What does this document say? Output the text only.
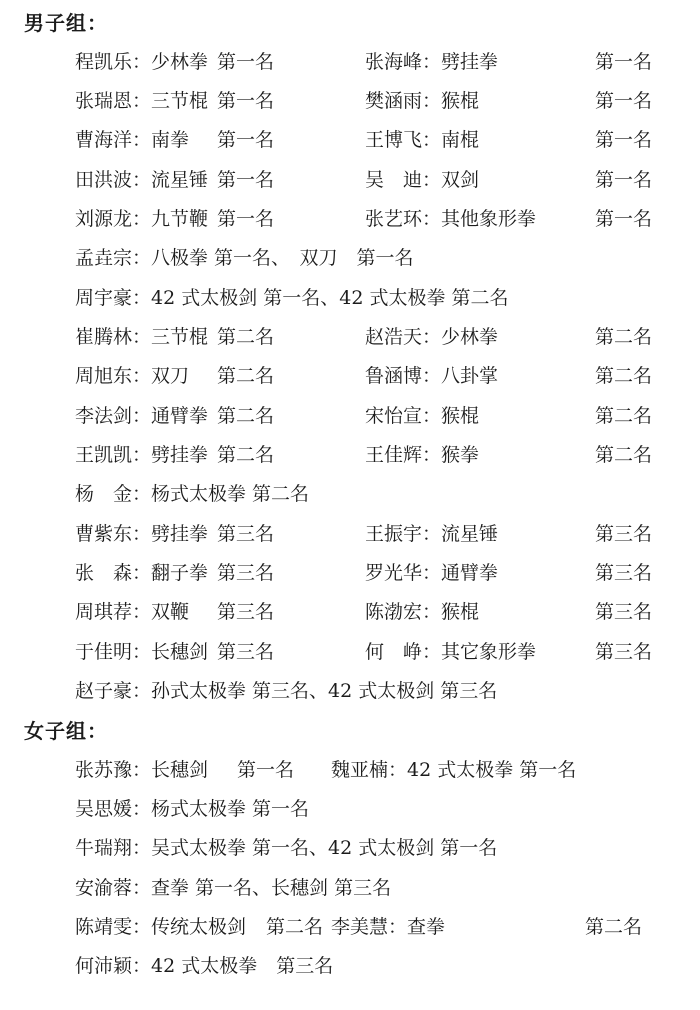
男子组：
程凯乐： 少林拳 第一名	张海峰： 劈挂拳	第一名
张瑞恩： 三节棍 第一名	樊涵雨： 猴棍	第一名
曹海洋： 南拳	第一名	王博飞： 南棍	第一名
田洪波： 流星锤 第一名	吴　迪： 双剑	第一名
刘源龙： 九节鞭 第一名	张艺环： 其他象形拳	第一名
孟垚宗： 八极拳 第一名、　双刀　第一名
周宇豪： 42 式太极剑 第一名、42 式太极拳 第二名
崔腾林： 三节棍 第二名	赵浩天： 少林拳	第二名
周旭东： 双刀	第二名	鲁涵博： 八卦掌	第二名
李法剑： 通臂拳 第二名	宋怡宣： 猴棍	第二名
王凯凯： 劈挂拳 第二名	王佳辉： 猴拳	第二名
杨　金： 杨式太极拳 第二名
曹紫东： 劈挂拳 第三名	王振宇： 流星锤	第三名
张　森： 翻子拳 第三名	罗光华： 通臂拳	第三名
周琪荐： 双鞭	第三名	陈渤宏： 猴棍	第三名
于佳明： 长穗剑 第三名	何　峥： 其它象形拳	第三名
赵子豪： 孙式太极拳 第三名、42 式太极剑 第三名
女子组：
张苏豫： 长穗剑	第一名 魏亚楠： 42 式太极拳 第一名
吴思媛： 杨式太极拳 第一名
牛瑞翔： 吴式太极拳 第一名、42 式太极剑 第一名
安渝蓉： 查拳 第一名、长穗剑 第三名
陈靖雯： 传统太极剑 第二名 李美慧： 查拳	第二名
何沛颖： 42 式太极拳　第三名
